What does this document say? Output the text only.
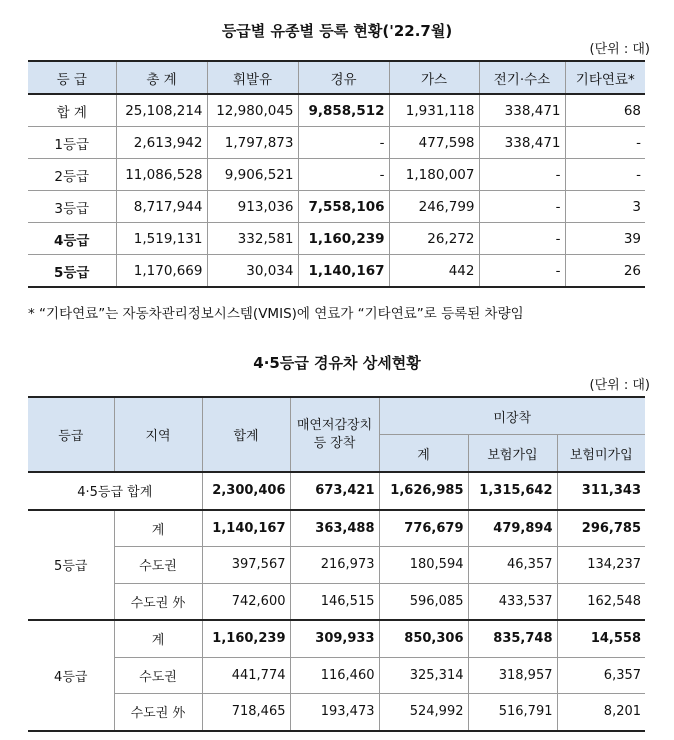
등급별 유종별 등록 현황('22.7월)
(단위 : 대)
등 급	총 계	휘발유	경유	가스	전기·수소	기타연료*
합 계	25,108,214	12,980,045	9,858,512	1,931,118	338,471	68
1등급	2,613,942	1,797,873	-	477,598	338,471	-
2등급	11,086,528	9,906,521	-	1,180,007	-	-
3등급	8,717,944	913,036	7,558,106	246,799	-	3
4등급	1,519,131	332,581	1,160,239	26,272	-	39
5등급	1,170,669	30,034	1,140,167	442	-	26
* “기타연료”는 자동차관리정보시스템(VMIS)에 연료가 “기타연료”로 등록된 차량임
4·5등급 경유차 상세현황
(단위 : 대)
등급	지역	합계	매연저감장치 등 장착	미장착		
				계	보험가입	보험미가입
4·5등급 합계		2,300,406	673,421	1,626,985	1,315,642	311,343
5등급	계	1,140,167	363,488	776,679	479,894	296,785
	수도권	397,567	216,973	180,594	46,357	134,237
	수도권 外	742,600	146,515	596,085	433,537	162,548
4등급	계	1,160,239	309,933	850,306	835,748	14,558
	수도권	441,774	116,460	325,314	318,957	6,357
	수도권 外	718,465	193,473	524,992	516,791	8,201
